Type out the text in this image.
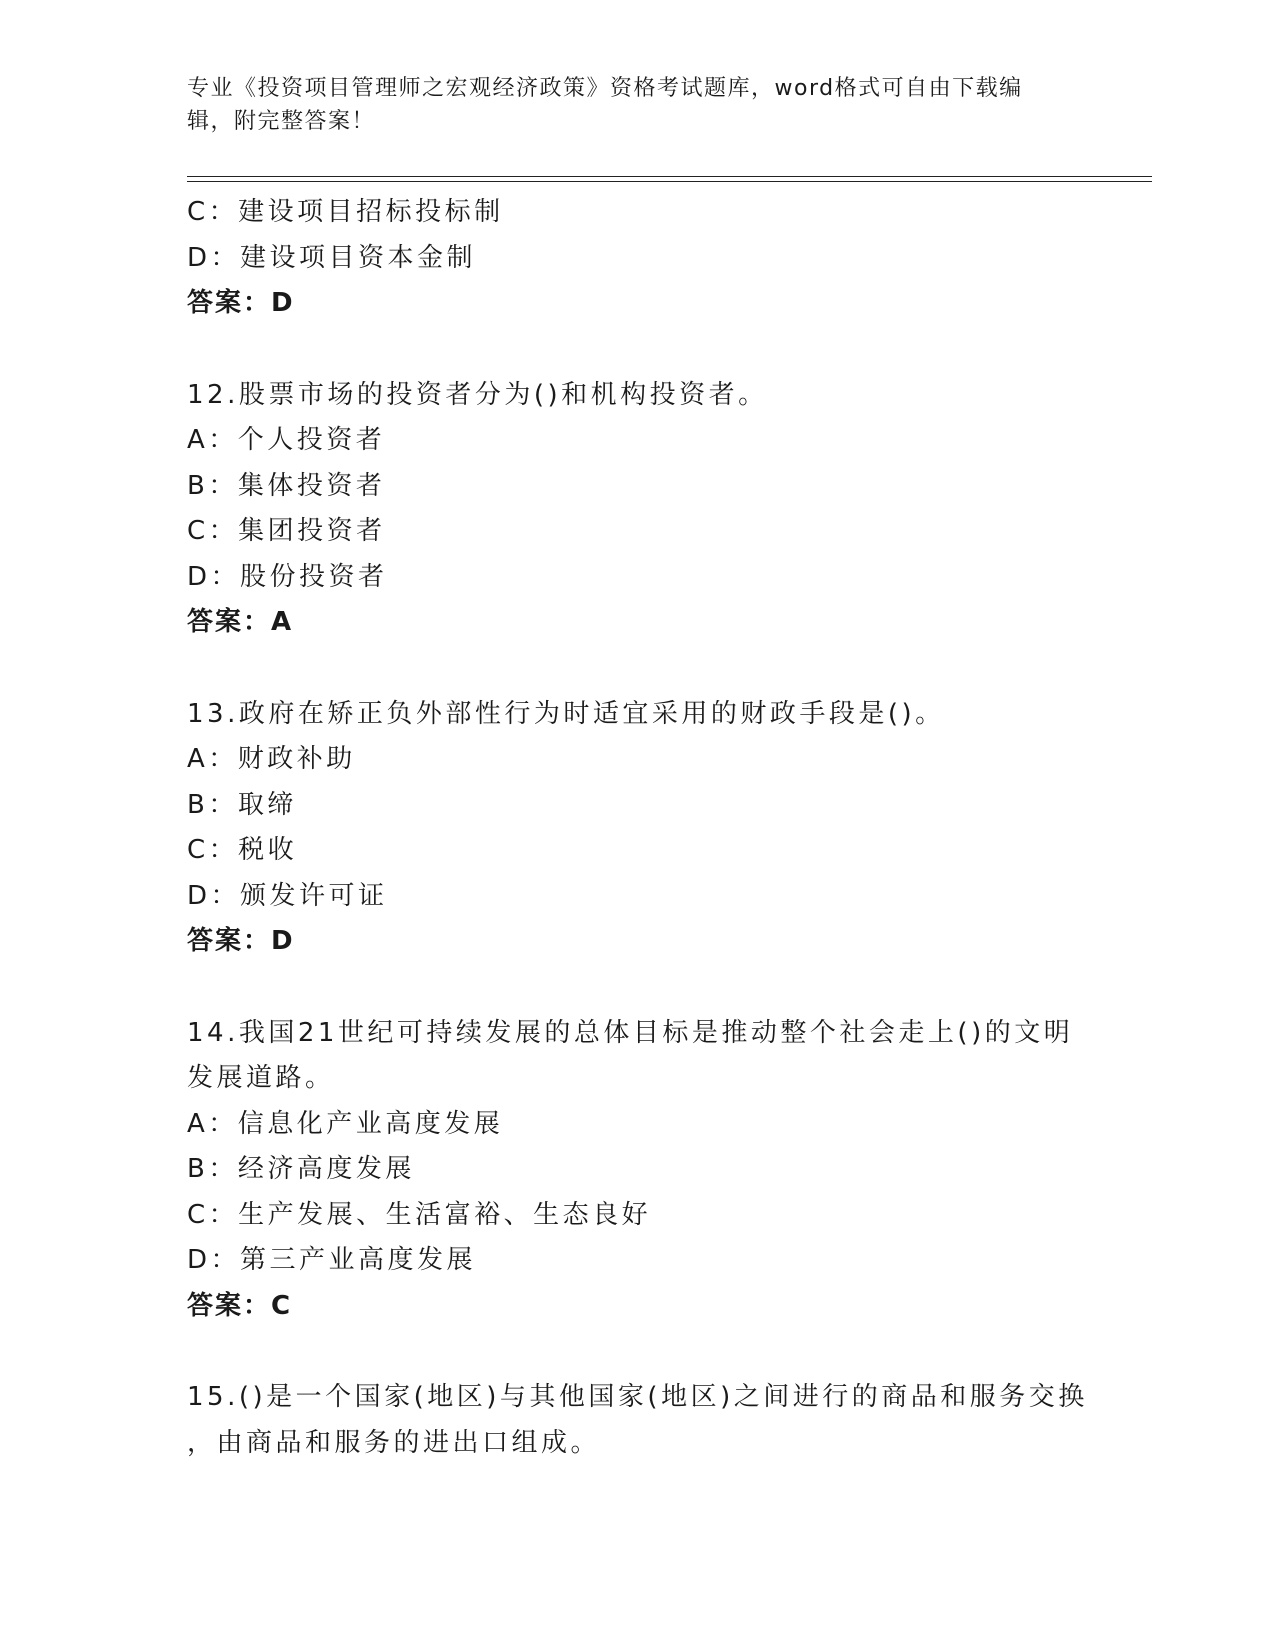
专业《投资项目管理师之宏观经济政策》资格考试题库，word格式可自由下载编辑，附完整答案！
C：建设项目招标投标制
D：建设项目资本金制
答案：D
12.股票市场的投资者分为()和机构投资者。
A：个人投资者
B：集体投资者
C：集团投资者
D：股份投资者
答案：A
13.政府在矫正负外部性行为时适宜采用的财政手段是()。
A：财政补助
B：取缔
C：税收
D：颁发许可证
答案：D
14.我国21世纪可持续发展的总体目标是推动整个社会走上()的文明
发展道路。
A：信息化产业高度发展
B：经济高度发展
C：生产发展、生活富裕、生态良好
D：第三产业高度发展
答案：C
15.()是一个国家(地区)与其他国家(地区)之间进行的商品和服务交换
，由商品和服务的进出口组成。
